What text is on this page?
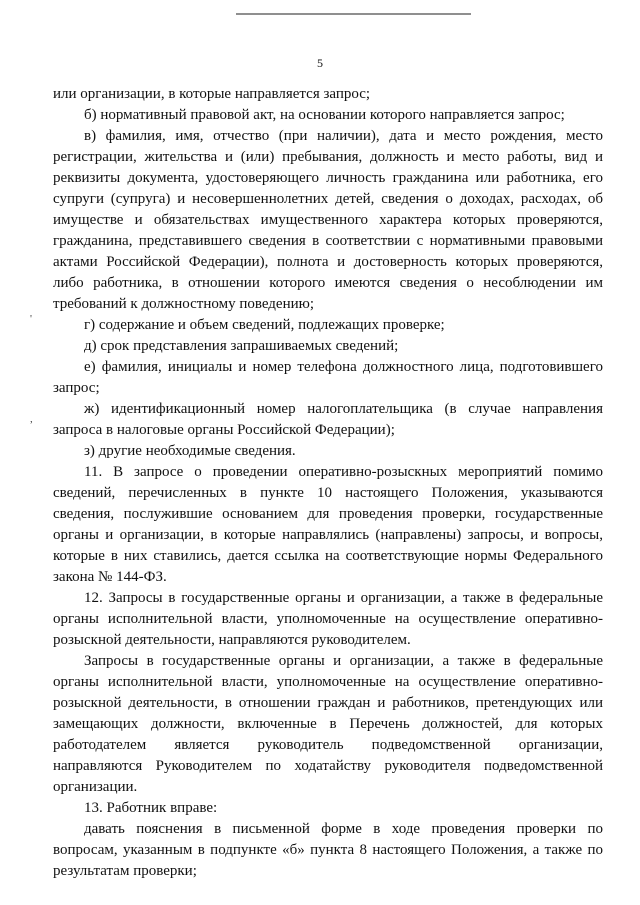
5
'
,
или организации, в которые направляется запрос;
б) нормативный правовой акт, на основании которого направляется запрос;
в) фамилия, имя, отчество (при наличии), дата и место рождения, место
регистрации, жительства и (или) пребывания, должность и место работы, вид и
реквизиты документа, удостоверяющего личность гражданина или работника, его
супруги (супруга) и несовершеннолетних детей, сведения о доходах, расходах, об
имуществе и обязательствах имущественного характера которых проверяются,
гражданина, представившего сведения в соответствии с нормативными правовыми
актами Российской Федерации), полнота и достоверность которых проверяются,
либо работника, в отношении которого имеются сведения о несоблюдении им
требований к должностному поведению;
г) содержание и объем сведений, подлежащих проверке;
д) срок представления запрашиваемых сведений;
е) фамилия, инициалы и номер телефона должностного лица, подготовившего
запрос;
ж) идентификационный номер налогоплательщика (в случае направления
запроса в налоговые органы Российской Федерации);
з) другие необходимые сведения.
11. В запросе о проведении оперативно-розыскных мероприятий помимо
сведений, перечисленных в пункте 10 настоящего Положения, указываются
сведения, послужившие основанием для проведения проверки, государственные
органы и организации, в которые направлялись (направлены) запросы, и вопросы,
которые в них ставились, дается ссылка на соответствующие нормы Федерального
закона № 144-ФЗ.
12. Запросы в государственные органы и организации, а также в федеральные
органы исполнительной власти, уполномоченные на осуществление оперативно-
розыскной деятельности, направляются руководителем.
Запросы в государственные органы и организации, а также в федеральные
органы исполнительной власти, уполномоченные на осуществление оперативно-
розыскной деятельности, в отношении граждан и работников, претендующих или
замещающих должности, включенные в Перечень должностей, для которых
работодателем является руководитель подведомственной организации,
направляются Руководителем по ходатайству руководителя подведомственной
организации.
13. Работник вправе:
давать пояснения в письменной форме в ходе проведения проверки по
вопросам, указанным в подпункте «б» пункта 8 настоящего Положения, а также по
результатам проверки;
